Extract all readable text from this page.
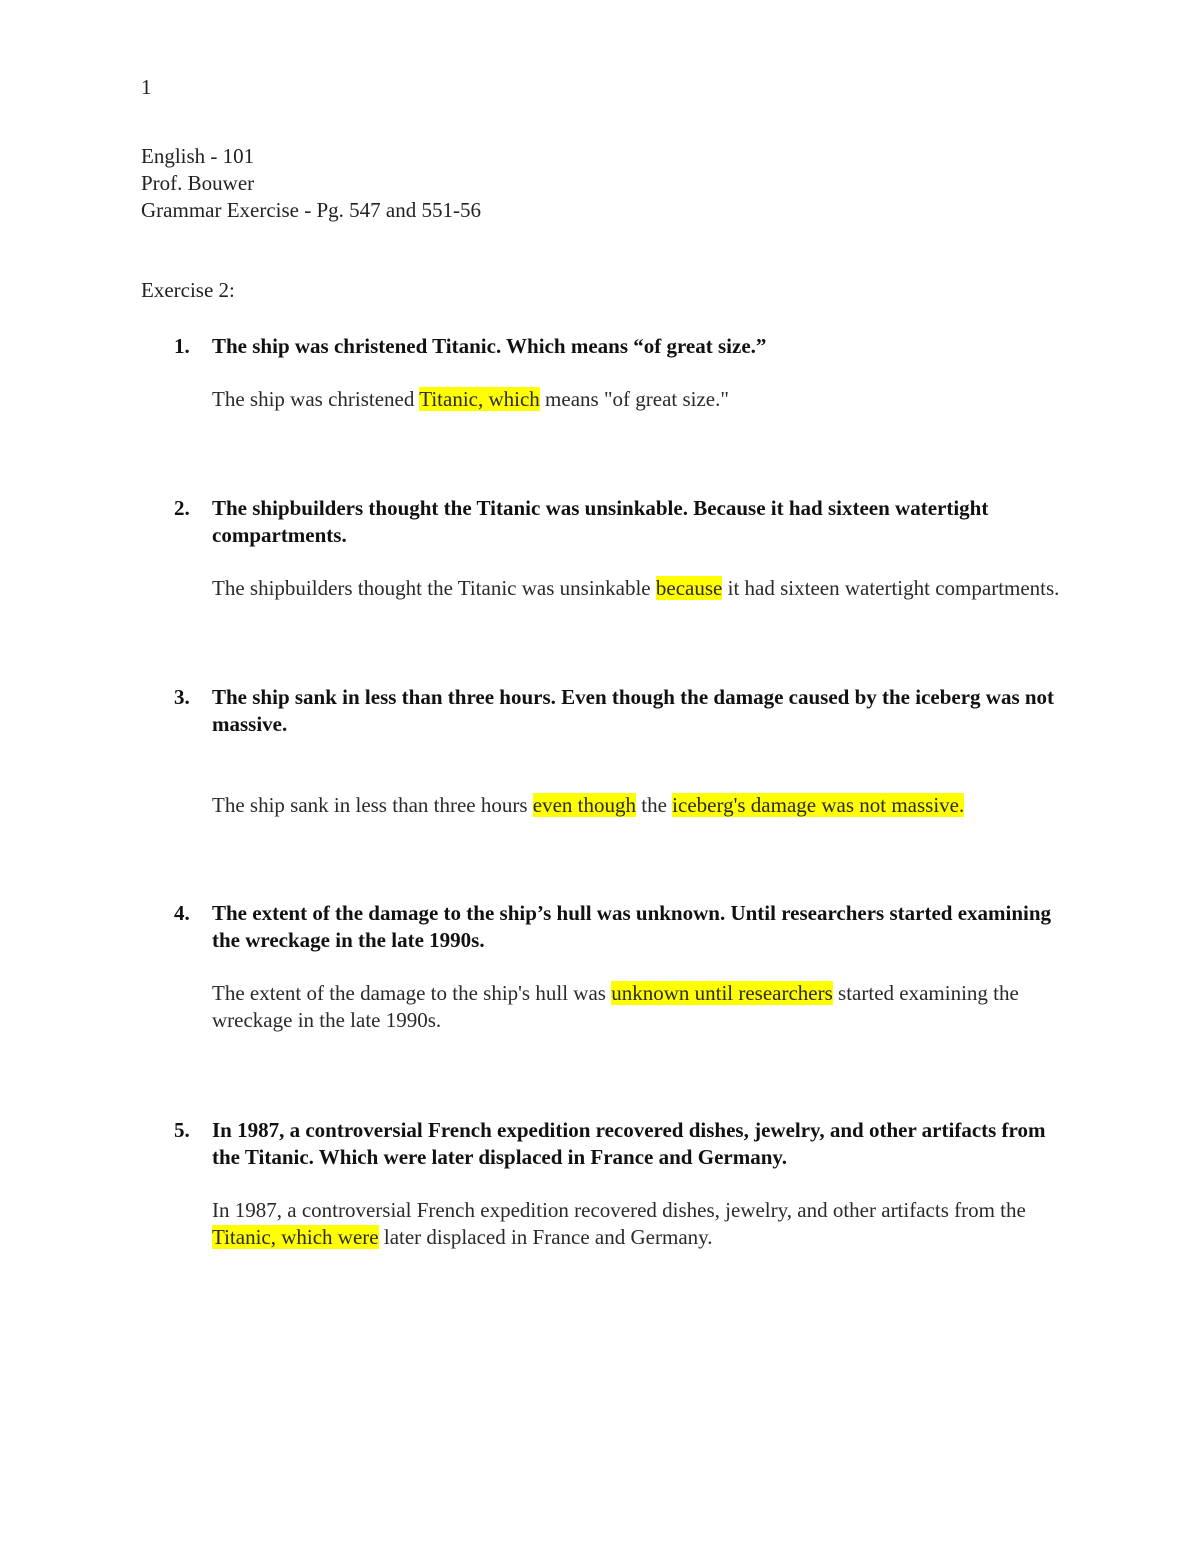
1

English - 101

Prof. Bouwer

Grammar Exercise - Pg. 547 and 551-56

Exercise 2:

1. The ship was christened Titanic. Which means “of great size.”

The ship was christened Titanic, which means "of great size."

2. The shipbuilders thought the Titanic was unsinkable. Because it had sixteen watertight compartments.

The shipbuilders thought the Titanic was unsinkable because it had sixteen watertight compartments.

3. The ship sank in less than three hours. Even though the damage caused by the iceberg was not massive.

The ship sank in less than three hours even though the iceberg's damage was not massive.

4. The extent of the damage to the ship’s hull was unknown. Until researchers started examining the wreckage in the late 1990s.

The extent of the damage to the ship's hull was unknown until researchers started examining the wreckage in the late 1990s.

5. In 1987, a controversial French expedition recovered dishes, jewelry, and other artifacts from the Titanic. Which were later displaced in France and Germany.

In 1987, a controversial French expedition recovered dishes, jewelry, and other artifacts from the Titanic, which were later displaced in France and Germany.
